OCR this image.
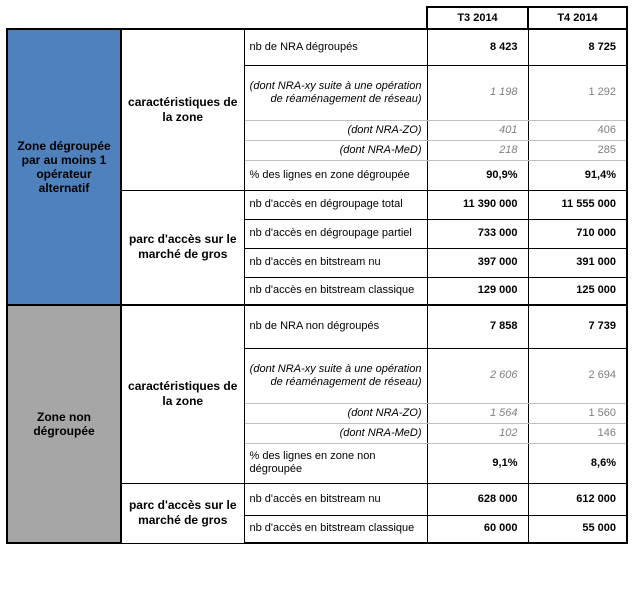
			T3 2014	T4 2014
Zone dégroupée par au moins 1 opérateur alternatif	caractéristiques de la zone	nb de NRA dégroupés	8 423	8 725
		(dont NRA-xy suite à une opération de réaménagement de réseau)	1 198	1 292
		(dont NRA-ZO)	401	406
		(dont NRA-MeD)	218	285
		% des lignes en zone dégroupée	90,9%	91,4%
	parc d'accès sur le marché de gros	nb d'accès en dégroupage total	11 390 000	11 555 000
		nb d'accès en dégroupage partiel	733 000	710 000
		nb d'accès en bitstream nu	397 000	391 000
		nb d'accès en bitstream classique	129 000	125 000
Zone non dégroupée	caractéristiques de la zone	nb de NRA non dégroupés	7 858	7 739
		(dont NRA-xy suite à une opération de réaménagement de réseau)	2 606	2 694
		(dont NRA-ZO)	1 564	1 560
		(dont NRA-MeD)	102	146
		% des lignes en zone non dégroupée	9,1%	8,6%
	parc d'accès sur le marché de gros	nb d'accès en bitstream nu	628 000	612 000
		nb d'accès en bitstream classique	60 000	55 000
